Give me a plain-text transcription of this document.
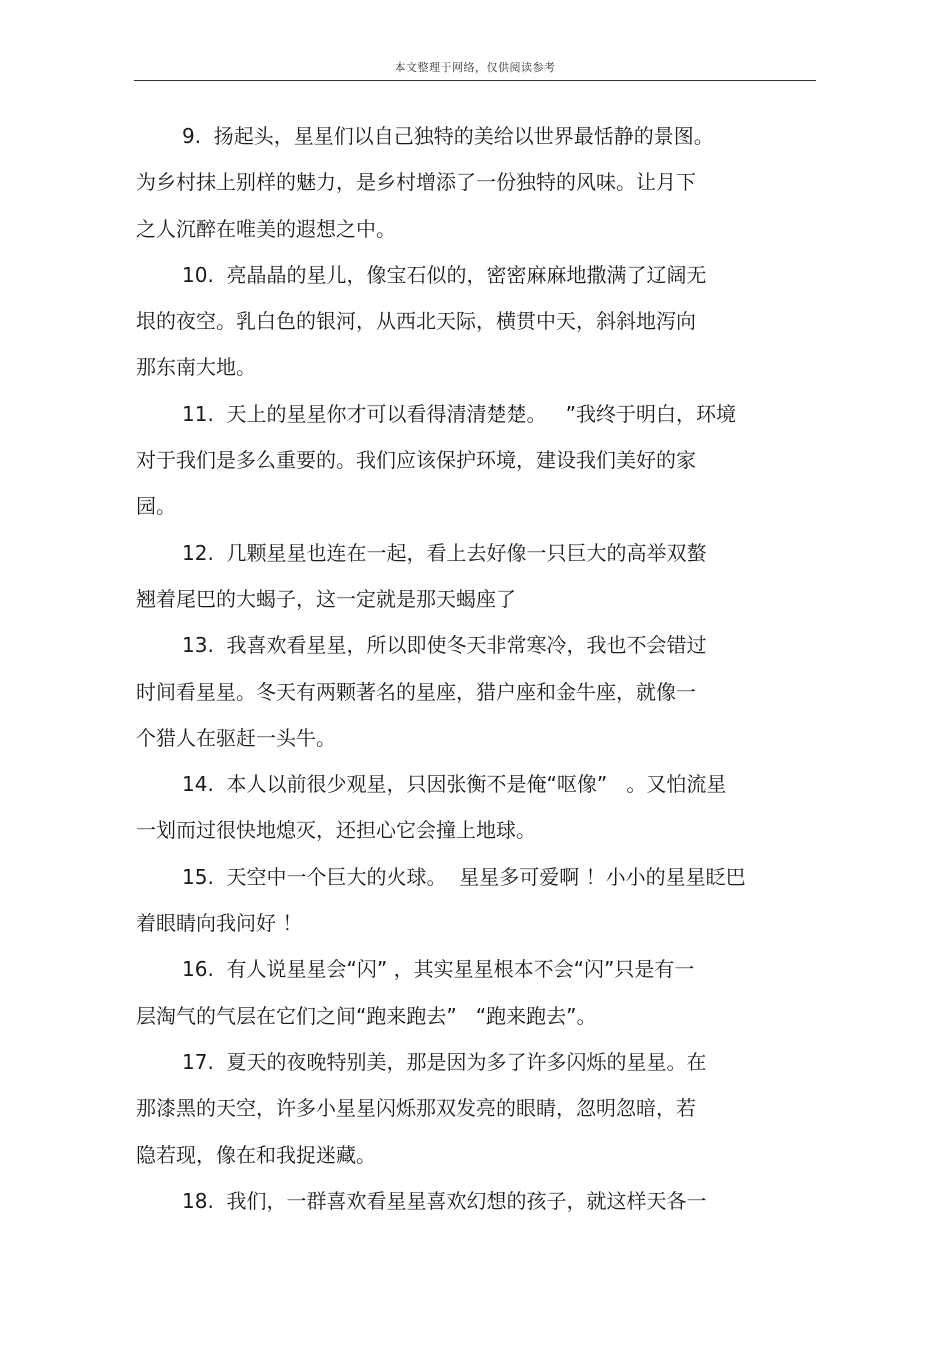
本文整理于网络，仅供阅读参考
9.  扬起头，星星们以自己独特的美给以世界最恬静的景图。
为乡村抹上别样的魅力，是乡村增添了一份独特的风味。让月下
之人沉醉在唯美的遐想之中。
10.  亮晶晶的星儿，像宝石似的，密密麻麻地撒满了辽阔无
垠的夜空。乳白色的银河，从西北天际，横贯中天，斜斜地泻向
那东南大地。
11.  天上的星星你才可以看得清清楚楚。   ”我终于明白，环境
对于我们是多么重要的。我们应该保护环境，建设我们美好的家
园。
12.  几颗星星也连在一起，看上去好像一只巨大的高举双螯
翘着尾巴的大蝎子，这一定就是那天蝎座了
13.  我喜欢看星星，所以即使冬天非常寒冷，我也不会错过
时间看星星。冬天有两颗著名的星座，猎户座和金牛座，就像一
个猎人在驱赶一头牛。
14.  本人以前很少观星，只因张衡不是俺“呕像”   。又怕流星
一划而过很快地熄灭，还担心它会撞上地球。
15.  天空中一个巨大的火球。  星星多可爱啊 ！小小的星星眨巴
着眼睛向我问好 ！
16.  有人说星星会“闪” ，其实星星根本不会“闪”只是有一
层淘气的气层在它们之间“跑来跑去”   “跑来跑去”。
17.  夏天的夜晚特别美，那是因为多了许多闪烁的星星。在
那漆黑的天空，许多小星星闪烁那双发亮的眼睛，忽明忽暗，若
隐若现，像在和我捉迷藏。
18.  我们，一群喜欢看星星喜欢幻想的孩子，就这样天各一
